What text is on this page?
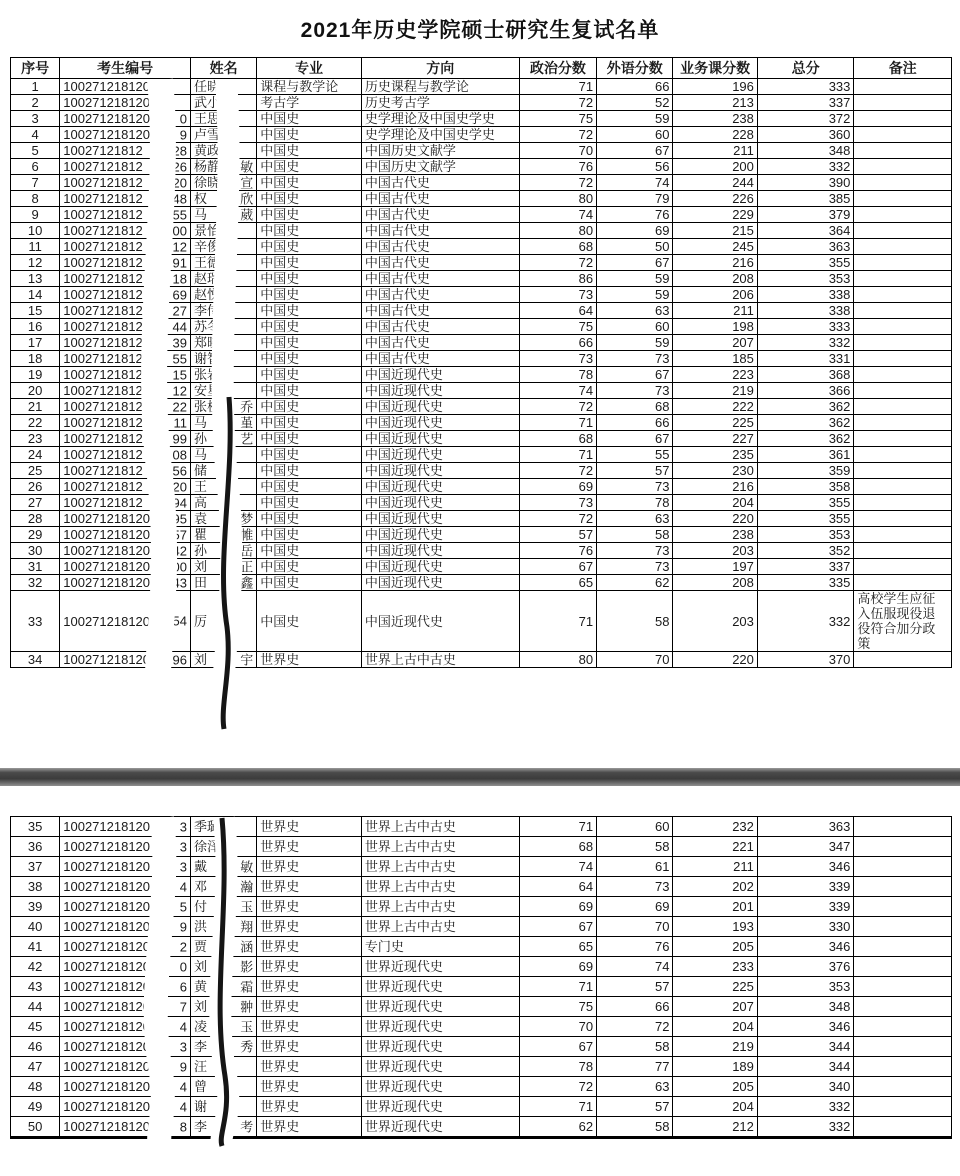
2021年历史学院硕士研究生复试名单
序号	考生编号	姓名	专业	方向	政治分数	外语分数	业务课分数	总分	备注
1	1002712181200	任晓	课程与教学论	历史课程与教学论	71	66	196	333	
2	1002712181200	武小	考古学	历史考古学	72	52	213	337	
3	100271218120 0	王思	中国史	史学理论及中国史学史	75	59	238	372	
4	100271218120 9	卢雪	中国史	史学理论及中国史学史	72	60	228	360	
5	10027121812 28	黄政	中国史	中国历史文献学	70	67	211	348	
6	10027121812 26	杨静 敏	中国史	中国历史文献学	76	56	200	332	
7	10027121812 20	徐晓 宣	中国史	中国古代史	72	74	244	390	
8	10027121812 48	权 欣	中国史	中国古代史	80	79	226	385	
9	10027121812 55	马 葳	中国史	中国古代史	74	76	229	379	
10	10027121812 00	景怡	中国史	中国古代史	80	69	215	364	
11	10027121812 12	辛俊	中国史	中国古代史	68	50	245	363	
12	10027121812 91	王德	中国史	中国古代史	72	67	216	355	
13	10027121812 18	赵瑞	中国史	中国古代史	86	59	208	353	
14	10027121812 69	赵悦	中国史	中国古代史	73	59	206	338	
15	10027121812 27	李传	中国史	中国古代史	64	63	211	338	
16	10027121812 44	苏冬	中国史	中国古代史	75	60	198	333	
17	10027121812 39	郑晓	中国史	中国古代史	66	59	207	332	
18	10027121812 55	谢智	中国史	中国古代史	73	73	185	331	
19	10027121812 15	张岩	中国史	中国近现代史	78	67	223	368	
20	10027121812 12	安星	中国史	中国近现代史	74	73	219	366	
21	10027121812 22	张桂 乔	中国史	中国近现代史	72	68	222	362	
22	10027121812 11	马 堇	中国史	中国近现代史	71	66	225	362	
23	10027121812 99	孙 艺	中国史	中国近现代史	68	67	227	362	
24	10027121812 08	马	中国史	中国近现代史	71	55	235	361	
25	10027121812 56	储	中国史	中国近现代史	72	57	230	359	
26	10027121812 20	王	中国史	中国近现代史	69	73	216	358	
27	10027121812 94	高	中国史	中国近现代史	73	78	204	355	
28	100271218120 95	袁 梦	中国史	中国近现代史	72	63	220	355	
29	100271218120 57	瞿 帷	中国史	中国近现代史	57	58	238	353	
30	100271218120 42	孙 岳	中国史	中国近现代史	76	73	203	352	
31	100271218120 00	刘 正	中国史	中国近现代史	67	73	197	337	
32	100271218120 43	田 鑫	中国史	中国近现代史	65	62	208	335	
33	100271218120 54	厉	中国史	中国近现代史	71	58	203	332	高校学生应征入伍服现役退役符合加分政策
34	100271218120 96	刘 宇	世界史	世界上古中古史	80	70	220	370	
35	100271218120 3	季璐	世界史	世界上古中古史	71	60	232	363	
36	100271218120 3	徐泽	世界史	世界上古中古史	68	58	221	347	
37	100271218120 3	戴 敏	世界史	世界上古中古史	74	61	211	346	
38	100271218120 4	邓 瀚	世界史	世界上古中古史	64	73	202	339	
39	100271218120 5	付 玉	世界史	世界上古中古史	69	69	201	339	
40	100271218120 9	洪 翔	世界史	世界上古中古史	67	70	193	330	
41	100271218120 2	贾 涵	世界史	专门史	65	76	205	346	
42	100271218120 0	刘 影	世界史	世界近现代史	69	74	233	376	
43	100271218120 6	黄 霜	世界史	世界近现代史	71	57	225	353	
44	100271218120 7	刘 翀	世界史	世界近现代史	75	66	207	348	
45	100271218120 4	凌 玉	世界史	世界近现代史	70	72	204	346	
46	100271218120 3	李 秀	世界史	世界近现代史	67	58	219	344	
47	100271218120 9	汪	世界史	世界近现代史	78	77	189	344	
48	100271218120 4	曾	世界史	世界近现代史	72	63	205	340	
49	100271218120 4	谢	世界史	世界近现代史	71	57	204	332	
50	100271218120 8	李 考	世界史	世界近现代史	62	58	212	332	
